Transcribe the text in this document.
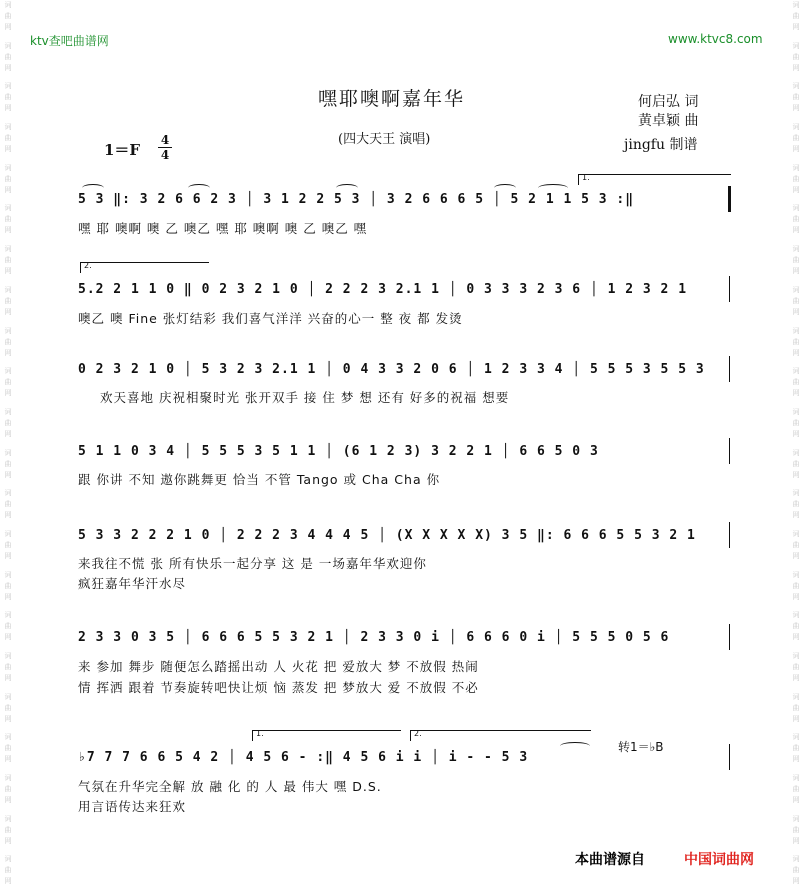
词
曲
网
词
曲
网
词
曲
网
词
曲
网
词
曲
网
词
曲
网
词
曲
网
词
曲
网
词
曲
网
词
曲
网
词
曲
网
词
曲
网
词
曲
网
词
曲
网
词
曲
网
词
曲
网
词
曲
网
词
曲
网
词
曲
网
词
曲
网
词
曲
网
词
曲
网
词
曲
网
词
曲
网
词
曲
网
词
曲
网
词
曲
网
词
曲
网
词
曲
网
词
曲
网
词
曲
网
词
曲
网
词
曲
网
词
曲
网
词
曲
网
词
曲
网
词
曲
网
词
曲
网
词
曲
网
词
曲
网
词
曲
网
词
曲
网
词
曲
网
词
曲
网
ktv查吧曲谱网	www.ktvc8.com
嘿耶噢啊嘉年华
(四大天王 演唱)
何启弘 词
黄卓颖 曲
jingfu 制谱
1＝F
4
4
5 3 ‖: 3 2 6 6 2 3 │ 3 1 2 2 5 3 │ 3 2 6 6 6 5 │ 5 2 1 1 5 3 :‖
嘿 耶 噢啊 噢 乙 噢乙 嘿 耶 噢啊 噢 乙 噢乙 嘿
1.
5.2 2 1 1 0 ‖ 0 2 3 2 1 0 │ 2 2 2 3 2.1 1 │ 0 3 3 3 2 3 6 │ 1 2 3 2 1
噢乙 噢 Fine 张灯结彩 我们喜气洋洋 兴奋的心一 整 夜 都 发烫
2.
0 2 3 2 1 0 │ 5 3 2 3 2.1 1 │ 0 4 3 3 2 0 6 │ 1 2 3 3 4 │ 5 5 5 3 5 5 3
欢天喜地 庆祝相聚时光 张开双手 接 住 梦 想 还有 好多的祝福 想要
5 1 1 0 3 4 │ 5 5 5 3 5 1 1 │ (6 1 2 3) 3 2 2 1 │ 6 6 5 0 3
跟 你讲 不知 遨你跳舞更 恰当 不管 Tango 或 Cha Cha 你
5 3 3 2 2 2 1 0 │ 2 2 2 3 4 4 4 5 │ (X X X X X) 3 5 ‖: 6 6 6 5 5 3 2 1
来我往不慌 张 所有快乐一起分享 这 是 一场嘉年华欢迎你
疯狂嘉年华汗水尽
2 3 3 0 3 5 │ 6 6 6 5 5 3 2 1 │ 2 3 3 0 i │ 6 6 6 0 i │ 5 5 5 0 5 6
来 参加 舞步 随便怎么踏摇出动 人 火花 把 爱放大 梦 不放假 热闹
情 挥洒 跟着 节奏旋转吧快让烦 恼 蒸发 把 梦放大 爱 不放假 不必
1.	2.
♭7 7 7 6 6 5 4 2 │ 4 5 6 - :‖ 4 5 6 i i │ i - - 5 3
转1＝♭B
气氛在升华完全解 放 融 化 的 人 最 伟大 嘿 D.S.
用言语传达来狂欢
本曲谱源自	中国词曲网
